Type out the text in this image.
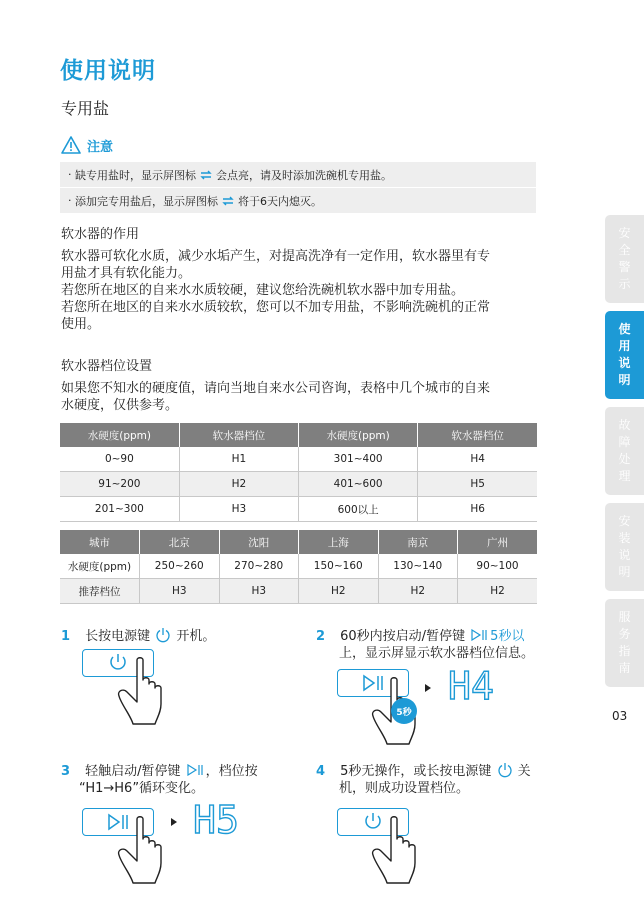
使用说明
专用盐
注意
·
缺专用盐时，显示屏图标 会点亮，请及时添加洗碗机专用盐。
·
添加完专用盐后，显示屏图标 将于6天内熄灭。
软水器的作用
软水器可软化水质，减少水垢产生，对提高洗净有一定作用，软水器里有专
用盐才具有软化能力。
若您所在地区的自来水水质较硬，建议您给洗碗机软水器中加专用盐。
若您所在地区的自来水水质较软，您可以不加专用盐，不影响洗碗机的正常
使用。
软水器档位设置
如果您不知水的硬度值，请向当地自来水公司咨询，表格中几个城市的自来
水硬度，仅供参考。
水硬度(ppm)	软水器档位	水硬度(ppm)	软水器档位
0~90	H1	301~400	H4
91~200	H2	401~600	H5
201~300	H3	600以上	H6
城市	北京	沈阳	上海	南京	广州
水硬度(ppm)	250~260	270~280	150~160	130~140	90~100
推荐档位	H3	H3	H2	H2	H2
1 长按电源键 开机。	2 60秒内按启动/暂停键 5秒以
上，显示屏显示软水器档位信息。
5秒
H4
3 轻触启动/暂停键 ，档位按
“H1→H6”循环变化。
H5
4 5秒无操作，或长按电源键 关
机，则成功设置档位。
安
全
警
示
使
用
说
明
故
障
处
理
安
装
说
明
服
务
指
南
03
